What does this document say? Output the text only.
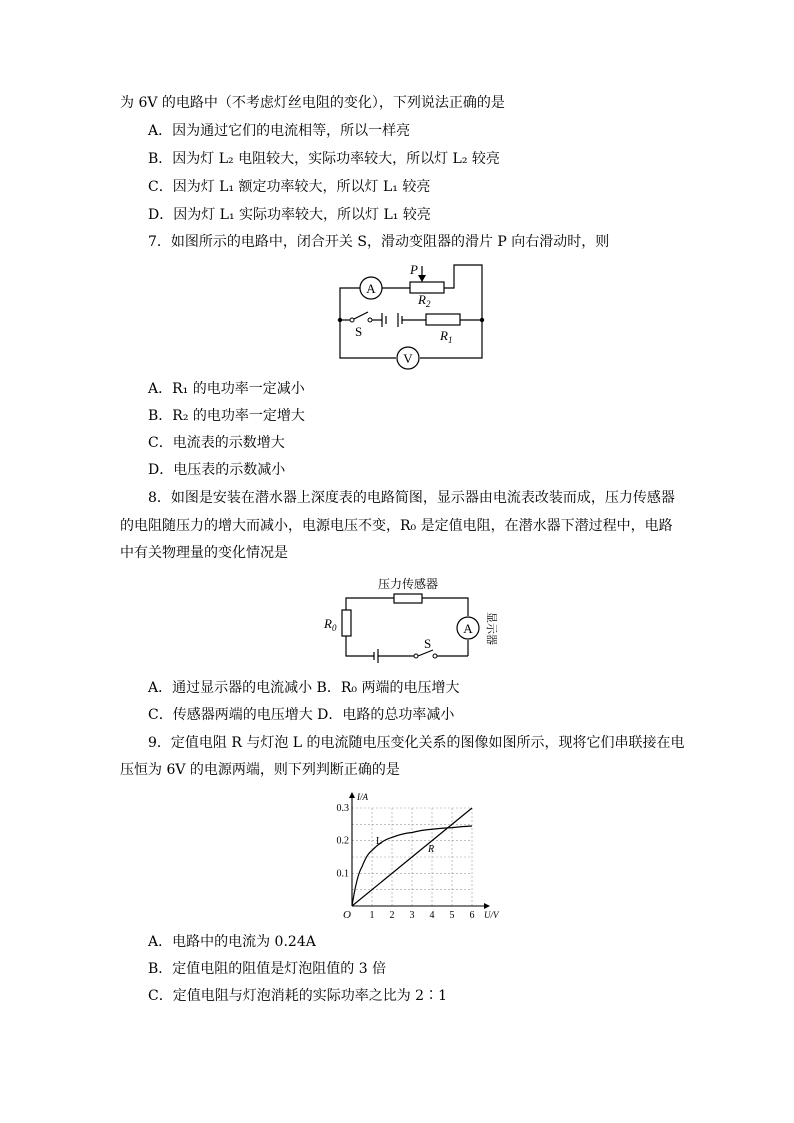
为 6V 的电路中（不考虑灯丝电阻的变化），下列说法正确的是
A．因为通过它们的电流相等，所以一样亮
B．因为灯 L₂ 电阻较大，实际功率较大，所以灯 L₂ 较亮
C．因为灯 L₁ 额定功率较大，所以灯 L₁ 较亮
D．因为灯 L₁ 实际功率较大，所以灯 L₁ 较亮
7．如图所示的电路中，闭合开关 S，滑动变阻器的滑片 P 向右滑动时，则
A
P
$R_2$
S	$R_1$
V
A．R₁ 的电功率一定减小
B．R₂ 的电功率一定增大
C．电流表的示数增大
D．电压表的示数减小
8．如图是安装在潜水器上深度表的电路简图，显示器由电流表改装而成，压力传感器
的电阻随压力的增大而减小，电源电压不变，R₀ 是定值电阻，在潜水器下潜过程中，电路
中有关物理量的变化情况是
压力传感器
$R_0$	A 显示器
S
A．通过显示器的电流减小 B．R₀ 两端的电压增大
C．传感器两端的电压增大 D．电路的总功率减小
9．定值电阻 R 与灯泡 L 的电流随电压变化关系的图像如图所示，现将它们串联接在电
压恒为 6V 的电源两端，则下列判断正确的是
1 2 3 4 5 6
0.1
0.2
0.3
O	U/V
I/A
L
R
A．电路中的电流为 0.24A
B．定值电阻的阻值是灯泡阻值的 3 倍
C．定值电阻与灯泡消耗的实际功率之比为 2∶1
